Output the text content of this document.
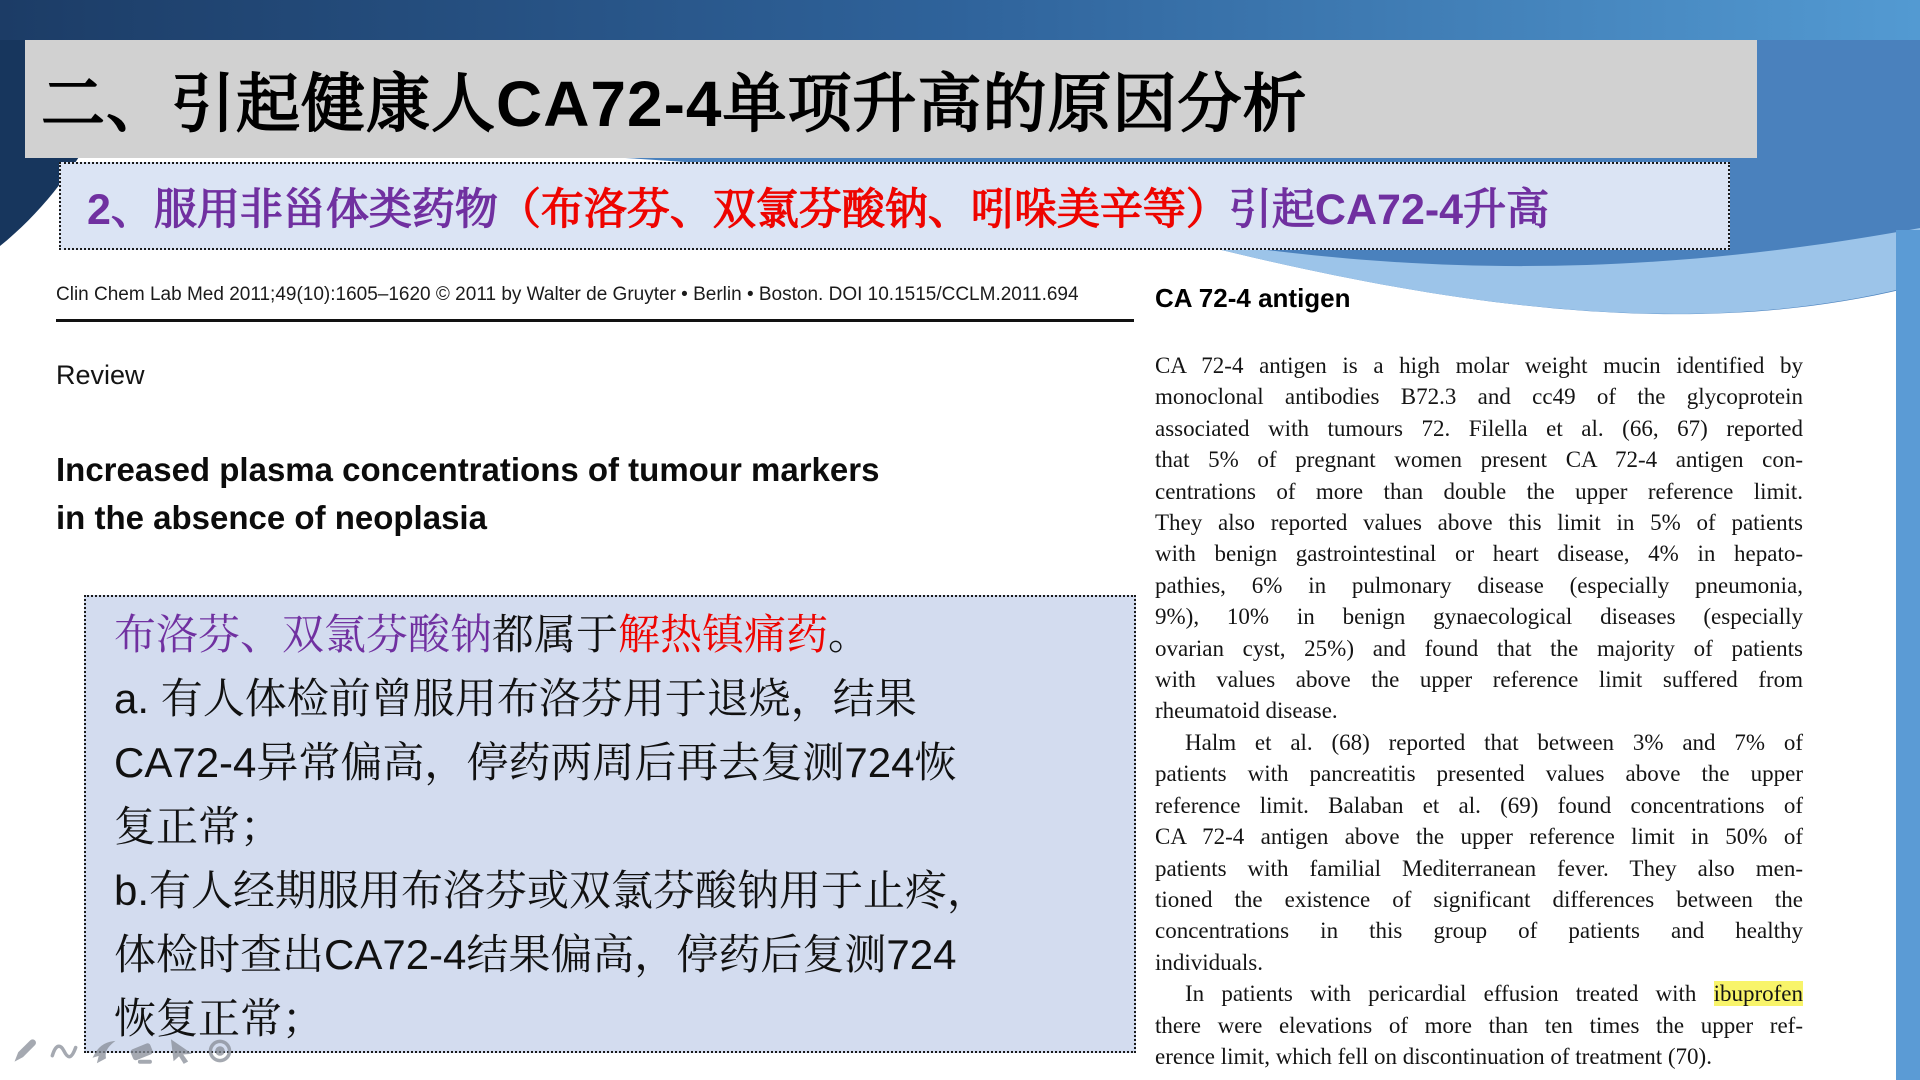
二、引起健康人CA72-4单项升高的原因分析
2、服用非甾体类药物 （布洛芬、双氯芬酸钠、吲哚美辛等） 引起CA72-4升高
Clin Chem Lab Med 2011;49(10):1605–1620 © 2011 by Walter de Gruyter • Berlin • Boston. DOI 10.1515/CCLM.2011.694
Review
Increased plasma concentrations of tumour markers
in the absence of neoplasia
布洛芬、双氯芬酸钠都属于解热镇痛药。
a. 有人体检前曾服用布洛芬用于退烧，结果
CA72-4异常偏高，停药两周后再去复测724恢
复正常；
b.有人经期服用布洛芬或双氯芬酸钠用于止疼，
体检时查出CA72-4结果偏高，停药后复测724
恢复正常；
CA 72-4 antigen
CA 72-4 antigen is a high molar weight mucin identified by
monoclonal antibodies B72.3 and cc49 of the glycoprotein
associated with tumours 72. Filella et al. (66, 67) reported
that 5% of pregnant women present CA 72-4 antigen con-
centrations of more than double the upper reference limit.
They also reported values above this limit in 5% of patients
with benign gastrointestinal or heart disease, 4% in hepato-
pathies, 6% in pulmonary disease (especially pneumonia,
9%), 10% in benign gynaecological diseases (especially
ovarian cyst, 25%) and found that the majority of patients
with values above the upper reference limit suffered from
rheumatoid disease.
Halm et al. (68) reported that between 3% and 7% of
patients with pancreatitis presented values above the upper
reference limit. Balaban et al. (69) found concentrations of
CA 72-4 antigen above the upper reference limit in 50% of
patients with familial Mediterranean fever. They also men-
tioned the existence of significant differences between the
concentrations in this group of patients and healthy
individuals.
In patients with pericardial effusion treated with ibuprofen
there were elevations of more than ten times the upper ref-
erence limit, which fell on discontinuation of treatment (70).
